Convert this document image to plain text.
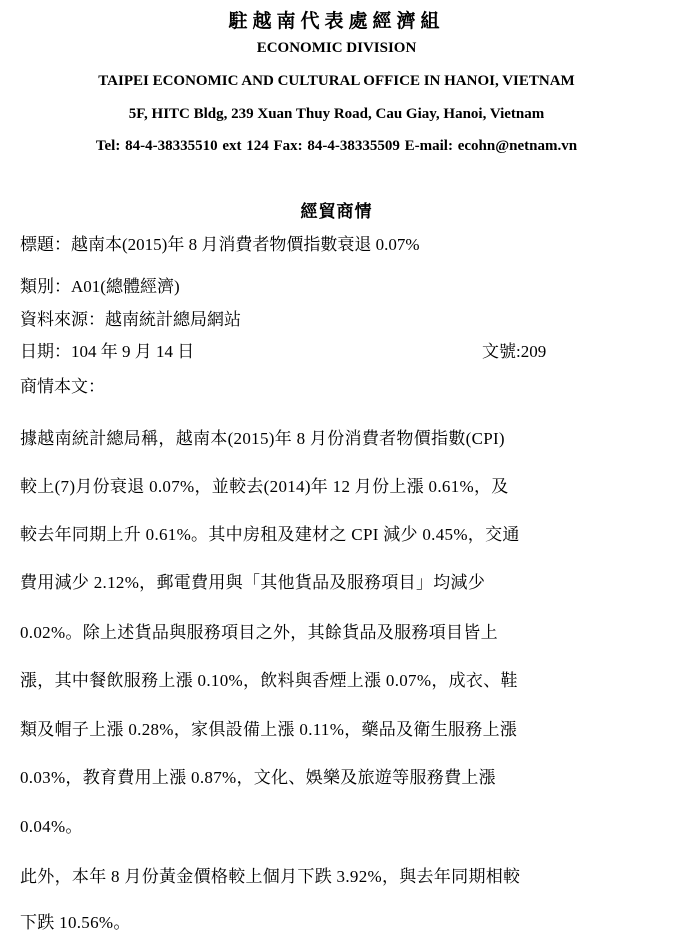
駐越南代表處經濟組
ECONOMIC DIVISION
TAIPEI ECONOMIC AND CULTURAL OFFICE IN HANOI, VIETNAM
5F, HITC Bldg, 239 Xuan Thuy Road, Cau Giay, Hanoi, Vietnam
Tel: 84-4-38335510 ext 124 Fax: 84-4-38335509 E-mail: ecohn@netnam.vn
經貿商情
標題：越南本(2015)年 8 月消費者物價指數衰退 0.07%
類別：A01(總體經濟)
資料來源：越南統計總局網站
日期：104 年 9 月 14 日	文號:209
商情本文：
據越南統計總局稱，越南本(2015)年 8 月份消費者物價指數(CPI)
較上(7)月份衰退 0.07%，並較去(2014)年 12 月份上漲 0.61%，及
較去年同期上升 0.61%。其中房租及建材之 CPI 減少 0.45%，交通
費用減少 2.12%，郵電費用與「其他貨品及服務項目」均減少
0.02%。除上述貨品與服務項目之外，其餘貨品及服務項目皆上
漲，其中餐飲服務上漲 0.10%，飲料與香煙上漲 0.07%，成衣、鞋
類及帽子上漲 0.28%，家俱設備上漲 0.11%，藥品及衛生服務上漲
0.03%，教育費用上漲 0.87%，文化、娛樂及旅遊等服務費上漲
0.04%。
此外，本年 8 月份黃金價格較上個月下跌 3.92%，與去年同期相較
下跌 10.56%。
